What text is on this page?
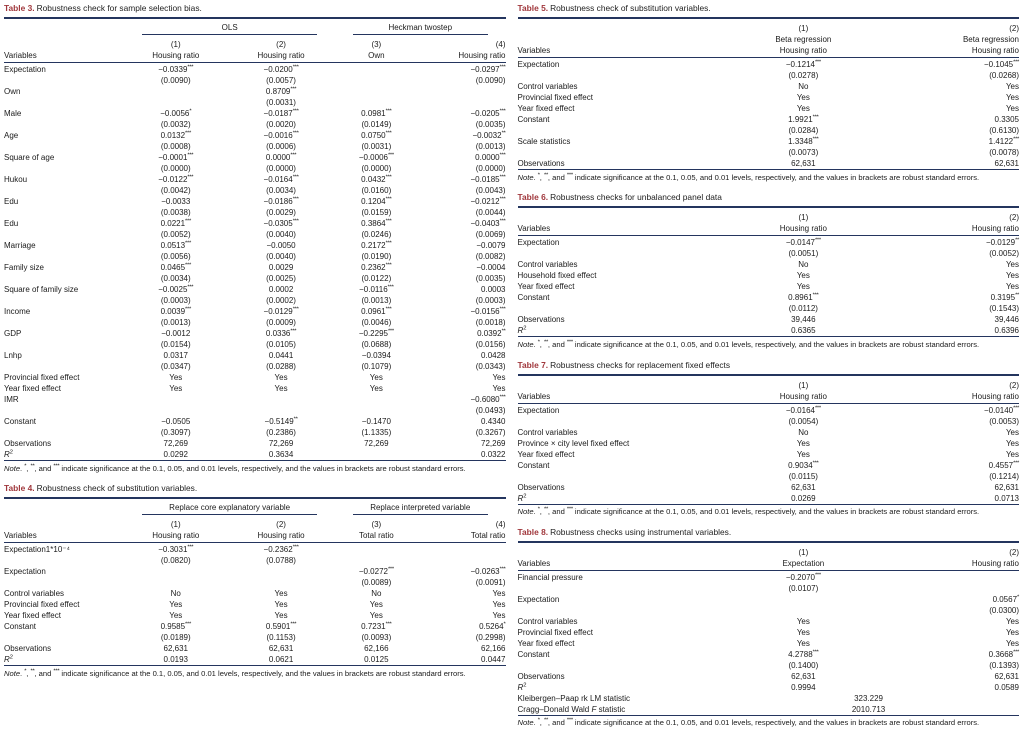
Table 3. Robustness check for sample selection bias.

	OLS		Heckman twostep	

	(1)	(2)	(3)	(4)
Variables	Housing ratio	Housing ratio	Own	Housing ratio
Expectation	−0.0339***	−0.0200***		−0.0297***
	(0.0090)	(0.0057)		(0.0090)
Own		0.8709***		
		(0.0031)		
Male	−0.0056*	−0.0187***	0.0981***	−0.0205***
	(0.0032)	(0.0020)	(0.0149)	(0.0035)
Age	0.0132***	−0.0016***	0.0750***	−0.0032**
	(0.0008)	(0.0006)	(0.0031)	(0.0013)
Square of age	−0.0001***	0.0000***	−0.0006***	0.0000***
	(0.0000)	(0.0000)	(0.0000)	(0.0000)
Hukou	−0.0122***	−0.0164***	0.0432***	−0.0185***
	(0.0042)	(0.0034)	(0.0160)	(0.0043)
Edu	−0.0033	−0.0186***	0.1204***	−0.0212***
	(0.0038)	(0.0029)	(0.0159)	(0.0044)
Edu	0.0221***	−0.0305***	0.3864***	−0.0403***
	(0.0052)	(0.0040)	(0.0246)	(0.0069)
Marriage	0.0513***	−0.0050	0.2172***	−0.0079
	(0.0056)	(0.0040)	(0.0190)	(0.0082)
Family size	0.0465***	0.0029	0.2362***	−0.0004
	(0.0034)	(0.0025)	(0.0122)	(0.0035)
Square of family size	−0.0025***	0.0002	−0.0116***	0.0003
	(0.0003)	(0.0002)	(0.0013)	(0.0003)
Income	0.0039***	−0.0129***	0.0961***	−0.0156***
	(0.0013)	(0.0009)	(0.0046)	(0.0018)
GDP	−0.0012	0.0336***	−0.2295***	0.0392**
	(0.0154)	(0.0105)	(0.0688)	(0.0156)
Lnhp	0.0317	0.0441	−0.0394	0.0428
	(0.0347)	(0.0288)	(0.1079)	(0.0343)
Provincial fixed effect	Yes	Yes	Yes	Yes
Year fixed effect	Yes	Yes	Yes	Yes
IMR				−0.6080***
				(0.0493)
Constant	−0.0505	−0.5149**	−0.1470	0.4340
	(0.3097)	(0.2386)	(1.1335)	(0.3267)
Observations	72,269	72,269	72,269	72,269
$R^2$	0.0292	0.3634		0.0322
Note. *, **, and *** indicate significance at the 0.1, 0.05, and 0.01 levels, respectively, and the values in brackets are robust standard errors.
Table 4. Robustness check of substitution variables.

	Replace core explanatory variable		Replace interpreted variable	

	(1)	(2)	(3)	(4)
Variables	Housing ratio	Housing ratio	Total ratio	Total ratio
Expectation1*10⁻⁴	−0.3031***	−0.2362***		
	(0.0820)	(0.0788)		
Expectation			−0.0272***	−0.0263***
			(0.0089)	(0.0091)
Control variables	No	Yes	No	Yes
Provincial fixed effect	Yes	Yes	Yes	Yes
Year fixed effect	Yes	Yes	Yes	Yes
Constant	0.9585***	0.5901***	0.7231***	0.5264*
	(0.0189)	(0.1153)	(0.0093)	(0.2998)
Observations	62,631	62,631	62,166	62,166
$R^2$	0.0193	0.0621	0.0125	0.0447
Note. *, **, and *** indicate significance at the 0.1, 0.05, and 0.01 levels, respectively, and the values in brackets are robust standard errors.
Table 5. Robustness check of substitution variables.
	(1)	(2)
	Beta regression	Beta regression
Variables	Housing ratio	Housing ratio
Expectation	−0.1214***	−0.1045***
	(0.0278)	(0.0268)
Control variables	No	Yes
Provincial fixed effect	Yes	Yes
Year fixed effect	Yes	Yes
Constant	1.9921***	0.3305
	(0.0284)	(0.6130)
Scale statistics	1.3348***	1.4122***
	(0.0073)	(0.0078)
Observations	62,631	62,631
Note. *, **, and *** indicate significance at the 0.1, 0.05, and 0.01 levels, respectively, and the values in brackets are robust standard errors.
Table 6. Robustness checks for unbalanced panel data
	(1)	(2)
Variables	Housing ratio	Housing ratio
Expectation	−0.0147***	−0.0129**
	(0.0051)	(0.0052)
Control variables	No	Yes
Household fixed effect	Yes	Yes
Year fixed effect	Yes	Yes
Constant	0.8961***	0.3195**
	(0.0112)	(0.1543)
Observations	39,446	39,446
$R^2$	0.6365	0.6396
Note. *, **, and *** indicate significance at the 0.1, 0.05, and 0.01 levels, respectively, and the values in brackets are robust standard errors.
Table 7. Robustness checks for replacement fixed effects
	(1)	(2)
Variables	Housing ratio	Housing ratio
Expectation	−0.0164***	−0.0140***
	(0.0054)	(0.0053)
Control variables	No	Yes
Province × city level fixed effect	Yes	Yes
Year fixed effect	Yes	Yes
Constant	0.9034***	0.4557***
	(0.0115)	(0.1214)
Observations	62,631	62,631
$R^2$	0.0269	0.0713
Note. *, **, and *** indicate significance at the 0.1, 0.05, and 0.01 levels, respectively, and the values in brackets are robust standard errors.
Table 8. Robustness checks using instrumental variables.
	(1)	(2)
Variables	Expectation	Housing ratio
Financial pressure	−0.2070***	
	(0.0107)	
Expectation		0.0567*
		(0.0300)
Control variables	Yes	Yes
Provincial fixed effect	Yes	Yes
Year fixed effect	Yes	Yes
Constant	4.2788***	0.3668***
	(0.1400)	(0.1393)
Observations	62,631	62,631
$R^2$	0.9994	0.0589
Kleibergen–Paap rk LM statistic	323.229	
Cragg–Donald Wald F statistic	2010.713	
Note. *, **, and *** indicate significance at the 0.1, 0.05, and 0.01 levels, respectively, and the values in brackets are robust standard errors.
